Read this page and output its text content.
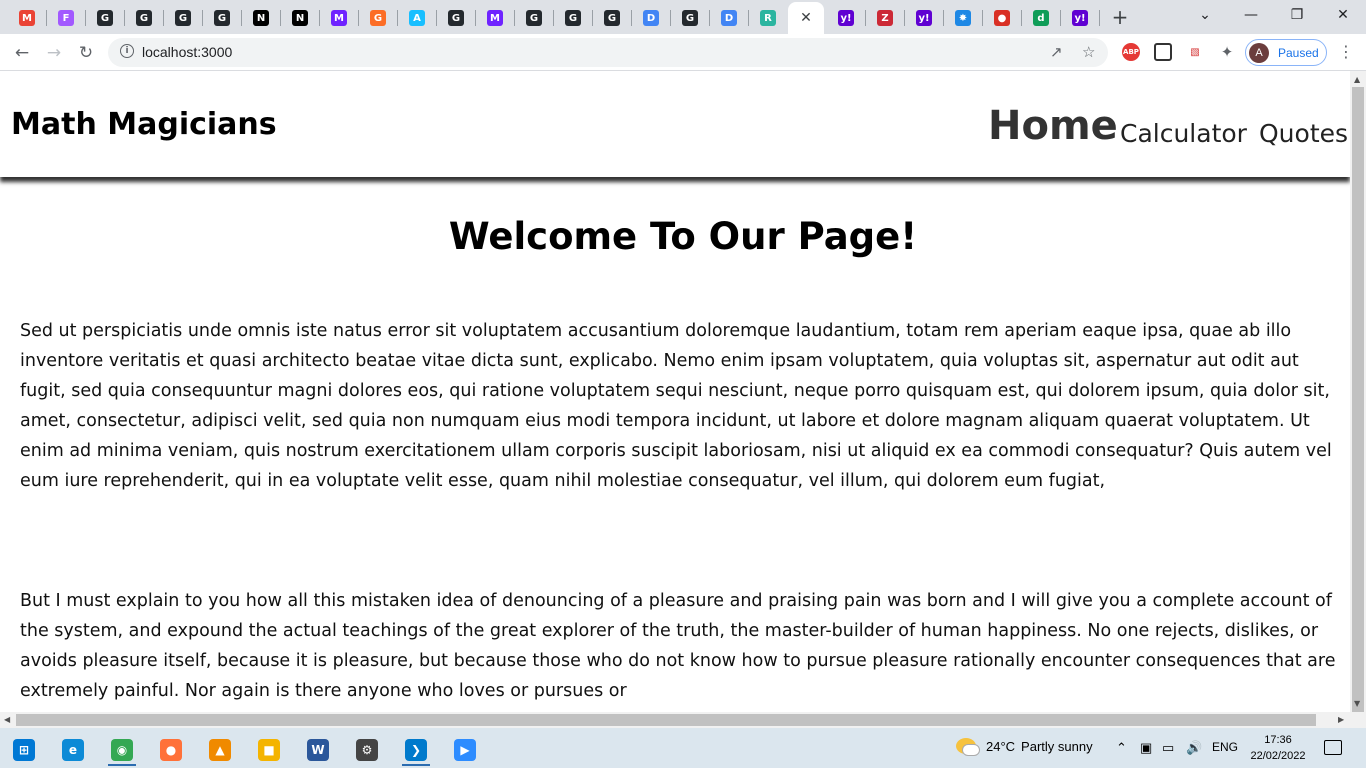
+	⌄	—	❐	✕
M	F	G	G	G	G	N	N	M	G	A	G	M	G	G	G	D	G	D	R ✕	y!	Z	y!	✸	●	d	y!
←	→	↻	i localhost:3000	↗ ☆	ABP	▧ ✦	A	Paused ⋮
Math Magicians	Home Calculator Quotes
Welcome To Our Page!

Sed ut perspiciatis unde omnis iste natus error sit voluptatem accusantium doloremque laudantium, totam rem aperiam eaque ipsa, quae ab illo inventore veritatis et quasi architecto beatae vitae dicta sunt, explicabo. Nemo enim ipsam voluptatem, quia voluptas sit, aspernatur aut odit aut fugit, sed quia consequuntur magni dolores eos, qui ratione voluptatem sequi nesciunt, neque porro quisquam est, qui dolorem ipsum, quia dolor sit, amet, consectetur, adipisci velit, sed quia non numquam eius modi tempora incidunt, ut labore et dolore magnam aliquam quaerat voluptatem. Ut enim ad minima veniam, quis nostrum exercitationem ullam corporis suscipit laboriosam, nisi ut aliquid ex ea commodi consequatur? Quis autem vel eum iure reprehenderit, qui in ea voluptate velit esse, quam nihil molestiae consequatur, vel illum, qui dolorem eum fugiat,

But I must explain to you how all this mistaken idea of denouncing of a pleasure and praising pain was born and I will give you a complete account of the system, and expound the actual teachings of the great explorer of the truth, the master-builder of human happiness. No one rejects, dislikes, or avoids pleasure itself, because it is pleasure, but because those who do not know how to pursue pleasure rationally encounter consequences that are extremely painful. Nor again is there anyone who loves or pursues or

▲
▼
◀	▶
24°C Partly sunny ⌃ ▣ ▭ 🔊 ENG	17:36
22/02/2022
⊞	e	◉	●	▲	■	W	⚙	❯	▶
